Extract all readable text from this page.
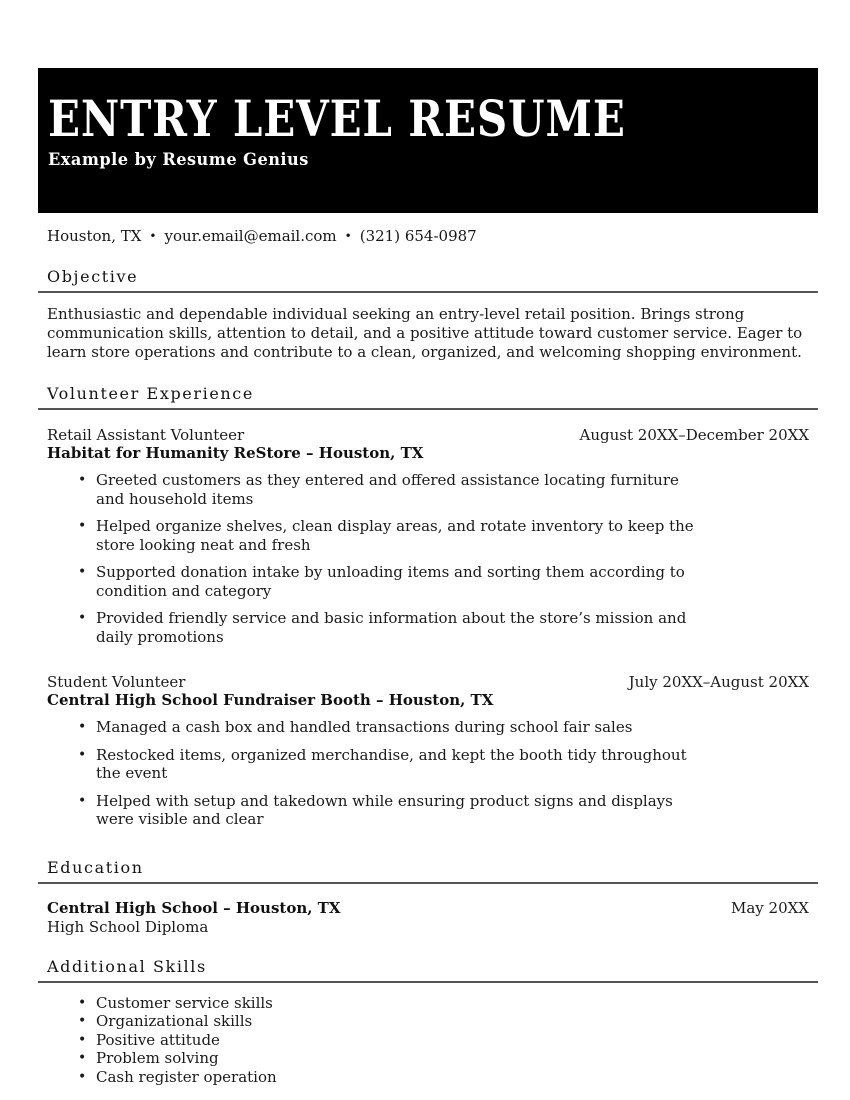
ENTRY LEVEL RESUME
Example by Resume Genius
Houston, TX • your.email@email.com • (321) 654-0987
Objective

Enthusiastic and dependable individual seeking an entry-level retail position. Brings strong communication skills, attention to detail, and a positive attitude toward customer service. Eager to learn store operations and contribute to a clean, organized, and welcoming shopping environment.

Volunteer Experience
Retail Assistant Volunteer	August 20XX–December 20XX
Habitat for Humanity ReStore – Houston, TX
• Greeted customers as they entered and offered assistance locating furniture and household items
• Helped organize shelves, clean display areas, and rotate inventory to keep the store looking neat and fresh
• Supported donation intake by unloading items and sorting them according to condition and category
• Provided friendly service and basic information about the store’s mission and daily promotions
Student Volunteer	July 20XX–August 20XX
Central High School Fundraiser Booth – Houston, TX
• Managed a cash box and handled transactions during school fair sales
• Restocked items, organized merchandise, and kept the booth tidy throughout the event
• Helped with setup and takedown while ensuring product signs and displays were visible and clear
Education
Central High School – Houston, TX	May 20XX
High School Diploma
Additional Skills
• Customer service skills
• Organizational skills
• Positive attitude
• Problem solving
• Cash register operation
